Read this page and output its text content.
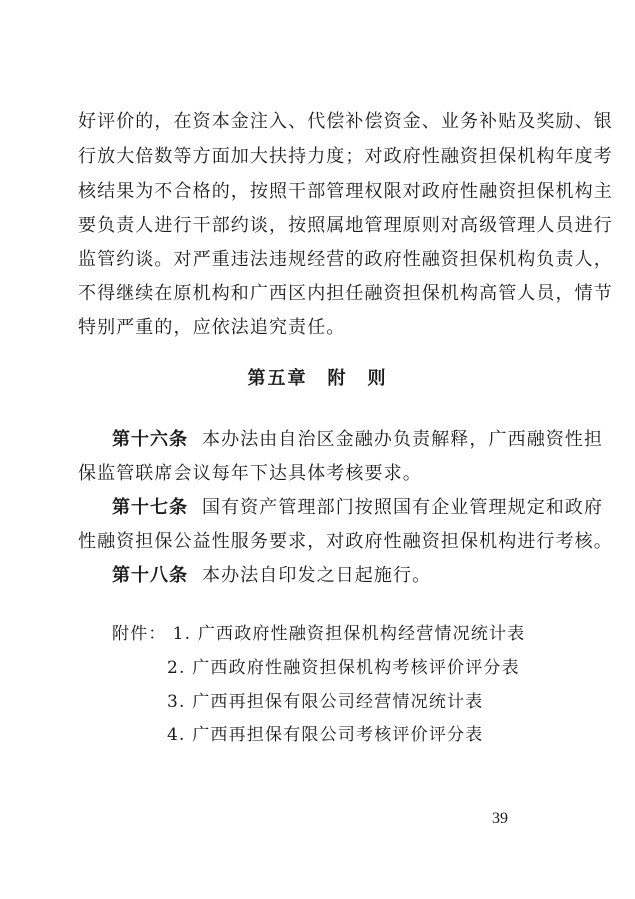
好评价的，在资本金注入、代偿补偿资金、业务补贴及奖励、银
行放大倍数等方面加大扶持力度；对政府性融资担保机构年度考
核结果为不合格的，按照干部管理权限对政府性融资担保机构主
要负责人进行干部约谈，按照属地管理原则对高级管理人员进行
监管约谈。对严重违法违规经营的政府性融资担保机构负责人，
不得继续在原机构和广西区内担任融资担保机构高管人员，情节
特别严重的，应依法追究责任。
第五章　附　则
第十六条 本办法由自治区金融办负责解释，广西融资性担
保监管联席会议每年下达具体考核要求。
第十七条 国有资产管理部门按照国有企业管理规定和政府
性融资担保公益性服务要求，对政府性融资担保机构进行考核。
第十八条 本办法自印发之日起施行。
附件： 1. 广西政府性融资担保机构经营情况统计表
2. 广西政府性融资担保机构考核评价评分表
3. 广西再担保有限公司经营情况统计表
4. 广西再担保有限公司考核评价评分表
39
